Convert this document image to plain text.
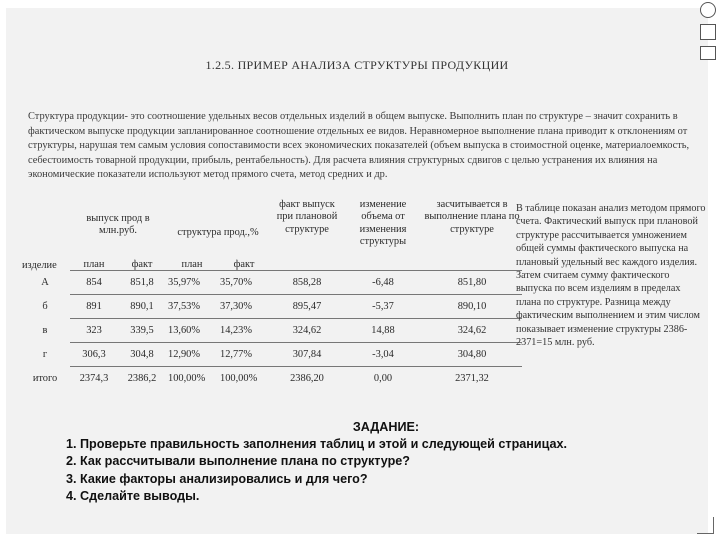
1.2.5. ПРИМЕР АНАЛИЗА СТРУКТУРЫ ПРОДУКЦИИ
Структура продукции- это соотношение удельных весов отдельных изделий в общем выпуске. Выполнить план по структуре – значит сохранить в фактическом выпуске продукции запланированное соотношение отдельных ее видов. Неравномерное выполнение плана приводит к отклонениям от структуры, нарушая тем самым условия сопоставимости всех экономических показателей (объем выпуска в стоимостной оценке, материалоемкость, себестоимость товарной продукции, прибыль, рентабельность). Для расчета влияния структурных сдвигов с целью устранения их влияния на экономические показатели используют метод прямого счета, метод средних и др.
	выпуск прод в млн.руб.		структура прод.,%		факт выпуск при плановой структуре	изменение объема от изменения структуры	засчитывается в выполнение плана по структуре
изделие	план	факт	план	факт			
А	854	851,8	35,97%	35,70%	858,28	-6,48	851,80
б	891	890,1	37,53%	37,30%	895,47	-5,37	890,10
в	323	339,5	13,60%	14,23%	324,62	14,88	324,62
г	306,3	304,8	12,90%	12,77%	307,84	-3,04	304,80
итого	2374,3	2386,2	100,00%	100,00%	2386,20	0,00	2371,32
В таблице показан анализ методом прямого счета. Фактический выпуск при плановой структуре рассчитывается умножением общей суммы фактического выпуска на плановый удельный вес каждого изделия. Затем считаем сумму фактического выпуска по всем изделиям в пределах плана по структуре. Разница между фактическим выполнением и этим числом показывает изменение структуры 2386-2371=15 млн. руб.
ЗАДАНИЕ:
1. Проверьте правильность заполнения таблиц и этой и следующей страницах.
2. Как рассчитывали выполнение плана по структуре?
3. Какие факторы анализировались и для чего?
4. Сделайте выводы.
